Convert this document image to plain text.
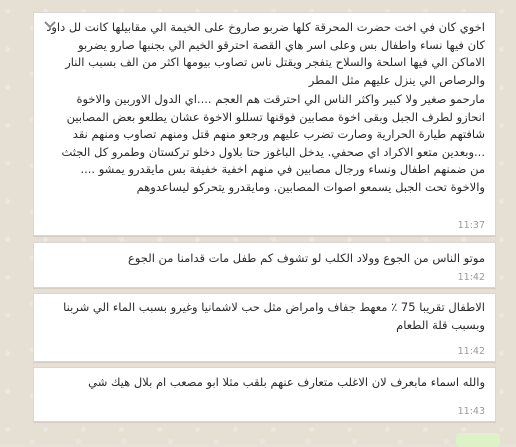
اخوي كان في اخت حضرت المحرقة كلها ضربو صاروخ على الخيمة الي مقابيلها كانت لل داود كان فيها نساء واطفال بس وعلى اسر هاي القصة احترقو الخيم الي بجنبها صارو يضربو الاماكن الي فيها اسلحة والسلاح يتفجر ويقتل ناس تصاوب بيومها اكثر من الف بسبب النار والرصاص الي ينزل عليهم مثل المطر

مارحمو صغير ولا كبير واكثر الناس الي احترقت هم العجم ....اي الدول الاوربين والاخوة انحازو لطرف الجبل وبقى اخوة مصابين فوقنها تسللو الاخوة عشان يطلعو بعض المصابين شافتهم طيارة الحرارية وصارت تضرب عليهم ورجعو منهم قتل ومنهم تصاوب ومنهم نقد ...وبعدين متعو الاكراد اي صحفي. يدخل الباغوز حتا بلاول دخلو تركستان وطمرو كل الجثث من ضمنهم اطفال ونساء ورجال مصابين في منهم اخفية خفيفة بس مايقدرو يمشو .... والاخوة تحت الجبل يسمعو اصوات المصابين. ومايقدرو يتحركو ليساعدوهم

11:37

موتو الناس من الجوع وولاد الكلب لو تشوف كم طفل مات قدامنا من الجوع

11:42

الاطفال تقريبا 75 ٪ معهط جفاف وامراض مثل حب لاشمانيا وغيرو بسبب الماء الي شربنا وبسبب قلة الطعام

11:42

والله اسماء مابعرف لان الاغلب متعارف عنهم بلقب مثلا ابو مصعب ام بلال هيك شي

11:43
